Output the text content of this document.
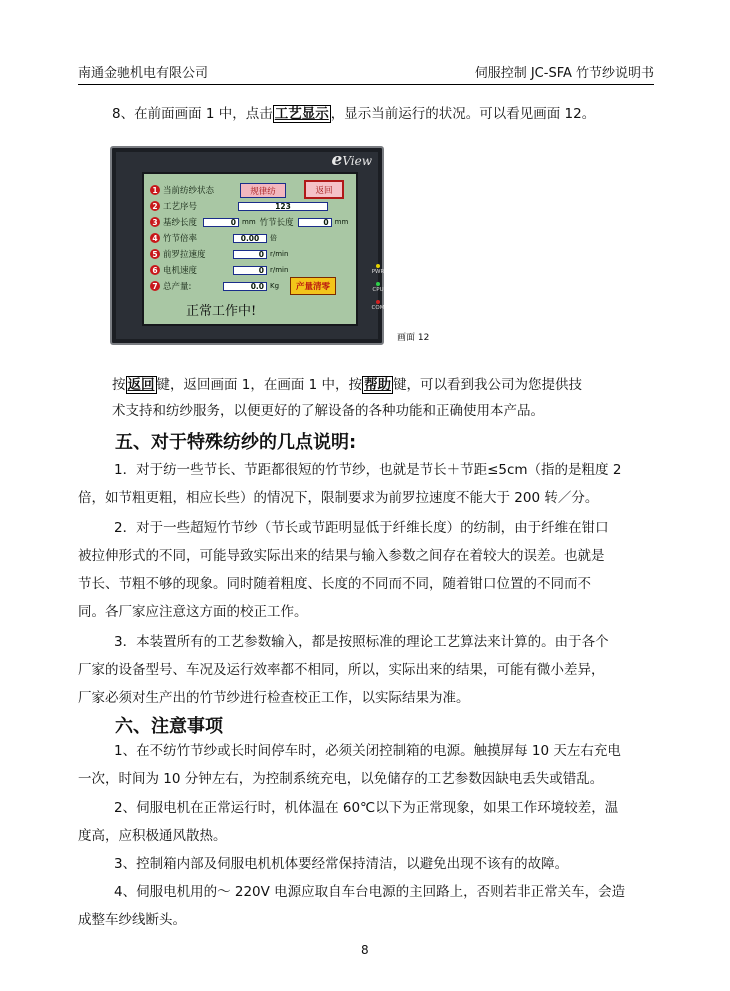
南通金驰机电有限公司	伺服控制 JC-SFA 竹节纱说明书
8、在前面画面 1 中，点击 工艺显示 ，显示当前运行的状况。可以看见画面 12。
eView
1 当前纺纱状态	规律纺	返回
2 工艺序号	123
3 基纱长度	0 mm 竹节长度	0 mm
4 竹节倍率	0.00	倍
5 前罗拉速度	0 r/min
6 电机速度	0 r/min
7 总产量:	0.0 Kg	产量清零
正常工作中!
PWR
CPU
COM
画面 12
按 返回 键，返回画面 1，在画面 1 中，按 帮助 键，可以看到我公司为您提供技
术支持和纺纱服务，以便更好的了解设备的各种功能和正确使用本产品。
五、对于特殊纺纱的几点说明:
1．对于纺一些节长、节距都很短的竹节纱，也就是节长＋节距≤5cm（指的是粗度 2
倍，如节粗更粗，相应长些）的情况下，限制要求为前罗拉速度不能大于 200 转／分。
2．对于一些超短竹节纱（节长或节距明显低于纤维长度）的纺制，由于纤维在钳口
被拉伸形式的不同，可能导致实际出来的结果与输入参数之间存在着较大的误差。也就是
节长、节粗不够的现象。同时随着粗度、长度的不同而不同，随着钳口位置的不同而不
同。各厂家应注意这方面的校正工作。
3．本装置所有的工艺参数输入，都是按照标准的理论工艺算法来计算的。由于各个
厂家的设备型号、车况及运行效率都不相同，所以，实际出来的结果，可能有微小差异，
厂家必须对生产出的竹节纱进行检查校正工作，以实际结果为准。
六、注意事项
1、在不纺竹节纱或长时间停车时，必须关闭控制箱的电源。触摸屏每 10 天左右充电
一次，时间为 10 分钟左右，为控制系统充电，以免储存的工艺参数因缺电丢失或错乱。
2、伺服电机在正常运行时，机体温在 60℃以下为正常现象，如果工作环境较差，温
度高，应积极通风散热。
3、控制箱内部及伺服电机机体要经常保持清洁，以避免出现不该有的故障。
4、伺服电机用的～ 220V 电源应取自车台电源的主回路上，否则若非正常关车，会造
成整车纱线断头。
8
